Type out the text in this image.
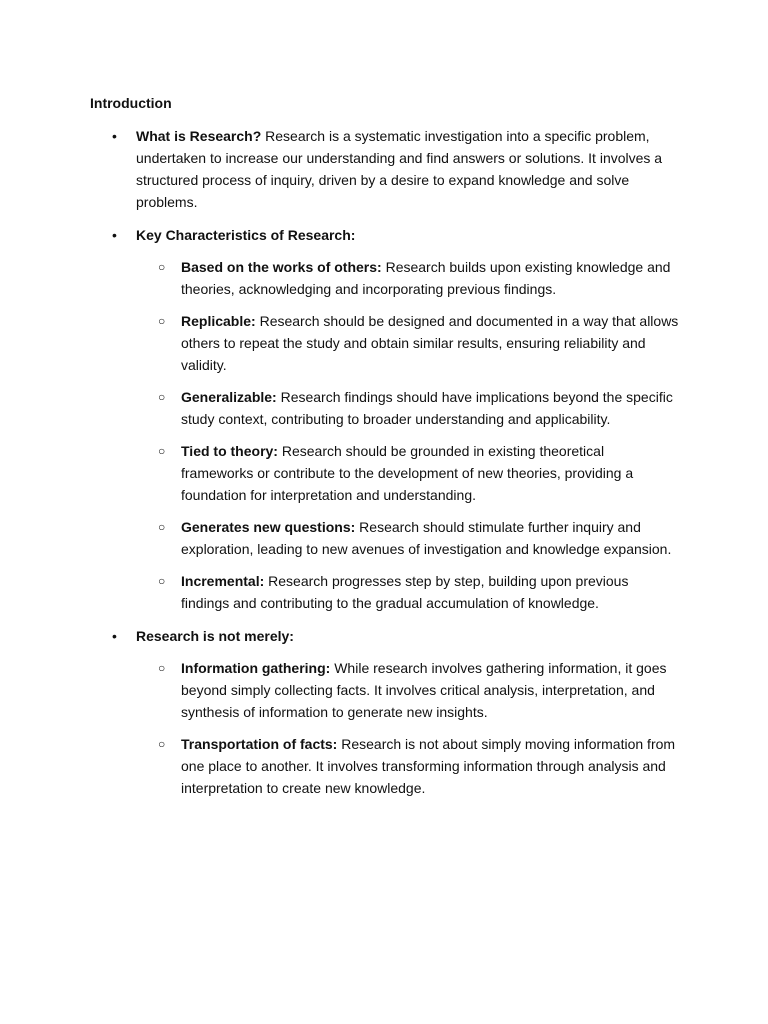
Introduction
• What is Research? Research is a systematic investigation into a specific problem, undertaken to increase our understanding and find answers or solutions. It involves a structured process of inquiry, driven by a desire to expand knowledge and solve problems.
• Key Characteristics of Research:
○ Based on the works of others: Research builds upon existing knowledge and theories, acknowledging and incorporating previous findings.
○ Replicable: Research should be designed and documented in a way that allows others to repeat the study and obtain similar results, ensuring reliability and validity.
○ Generalizable: Research findings should have implications beyond the specific study context, contributing to broader understanding and applicability.
○ Tied to theory: Research should be grounded in existing theoretical frameworks or contribute to the development of new theories, providing a foundation for interpretation and understanding.
○ Generates new questions: Research should stimulate further inquiry and exploration, leading to new avenues of investigation and knowledge expansion.
○ Incremental: Research progresses step by step, building upon previous findings and contributing to the gradual accumulation of knowledge.
• Research is not merely:
○ Information gathering: While research involves gathering information, it goes beyond simply collecting facts. It involves critical analysis, interpretation, and synthesis of information to generate new insights.
○ Transportation of facts: Research is not about simply moving information from one place to another. It involves transforming information through analysis and interpretation to create new knowledge.
